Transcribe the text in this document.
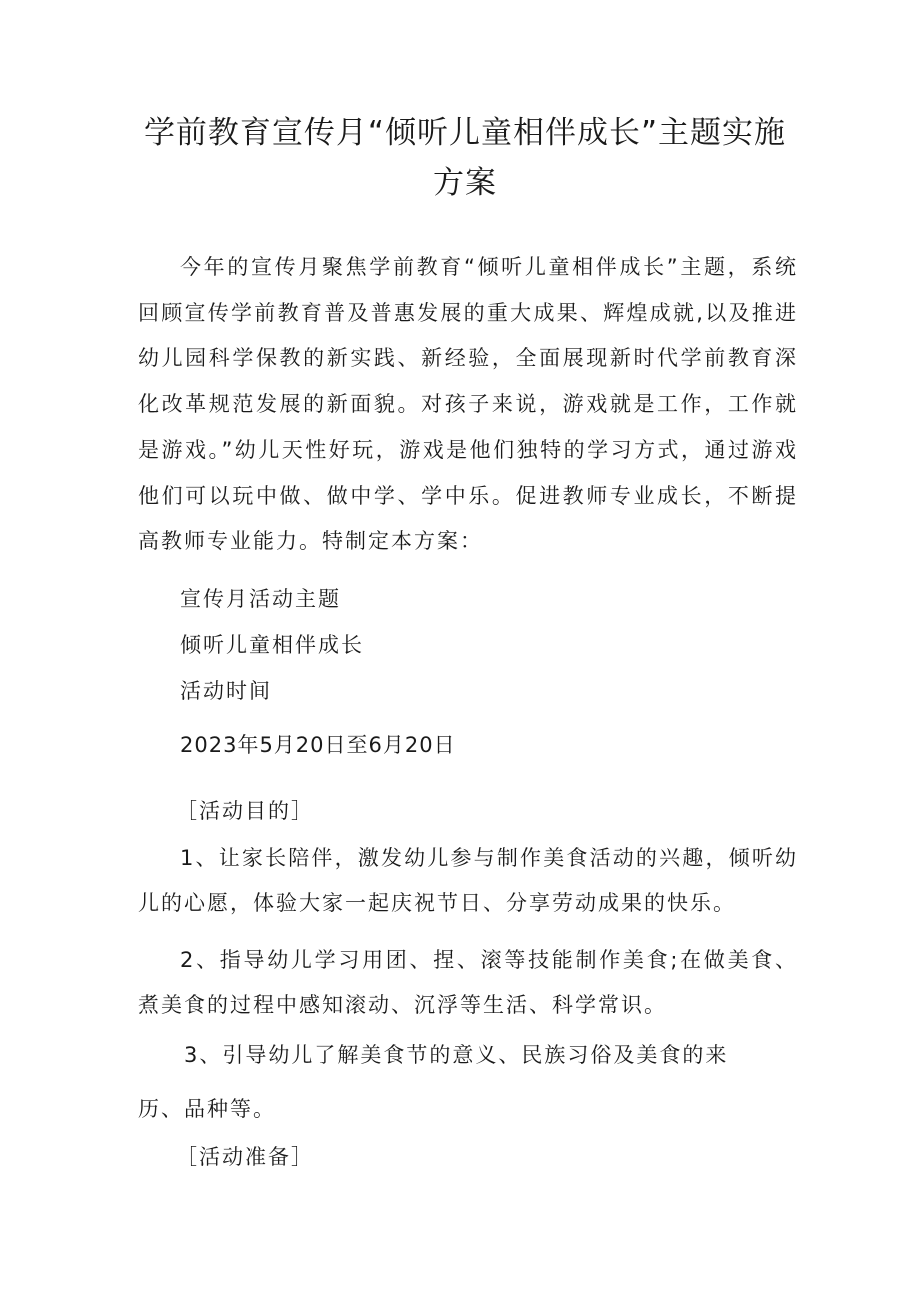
学前教育宣传月“倾听儿童相伴成长”主题实施方案

今年的宣传月聚焦学前教育“倾听儿童相伴成长”主题，系统回顾宣传学前教育普及普惠发展的重大成果、辉煌成就,以及推进幼儿园科学保教的新实践、新经验，全面展现新时代学前教育深化改革规范发展的新面貌。对孩子来说，游戏就是工作，工作就是游戏。”幼儿天性好玩，游戏是他们独特的学习方式，通过游戏他们可以玩中做、做中学、学中乐。促进教师专业成长，不断提高教师专业能力。特制定本方案：

宣传月活动主题

倾听儿童相伴成长

活动时间

2023年5月20日至6月20日

［活动目的］

1、让家长陪伴，激发幼儿参与制作美食活动的兴趣，倾听幼儿的心愿，体验大家一起庆祝节日、分享劳动成果的快乐。

2、指导幼儿学习用团、捏、滚等技能制作美食;在做美食、煮美食的过程中感知滚动、沉浮等生活、科学常识。

3、引导幼儿了解美食节的意义、民族习俗及美食的来

历、品种等。

［活动准备］
